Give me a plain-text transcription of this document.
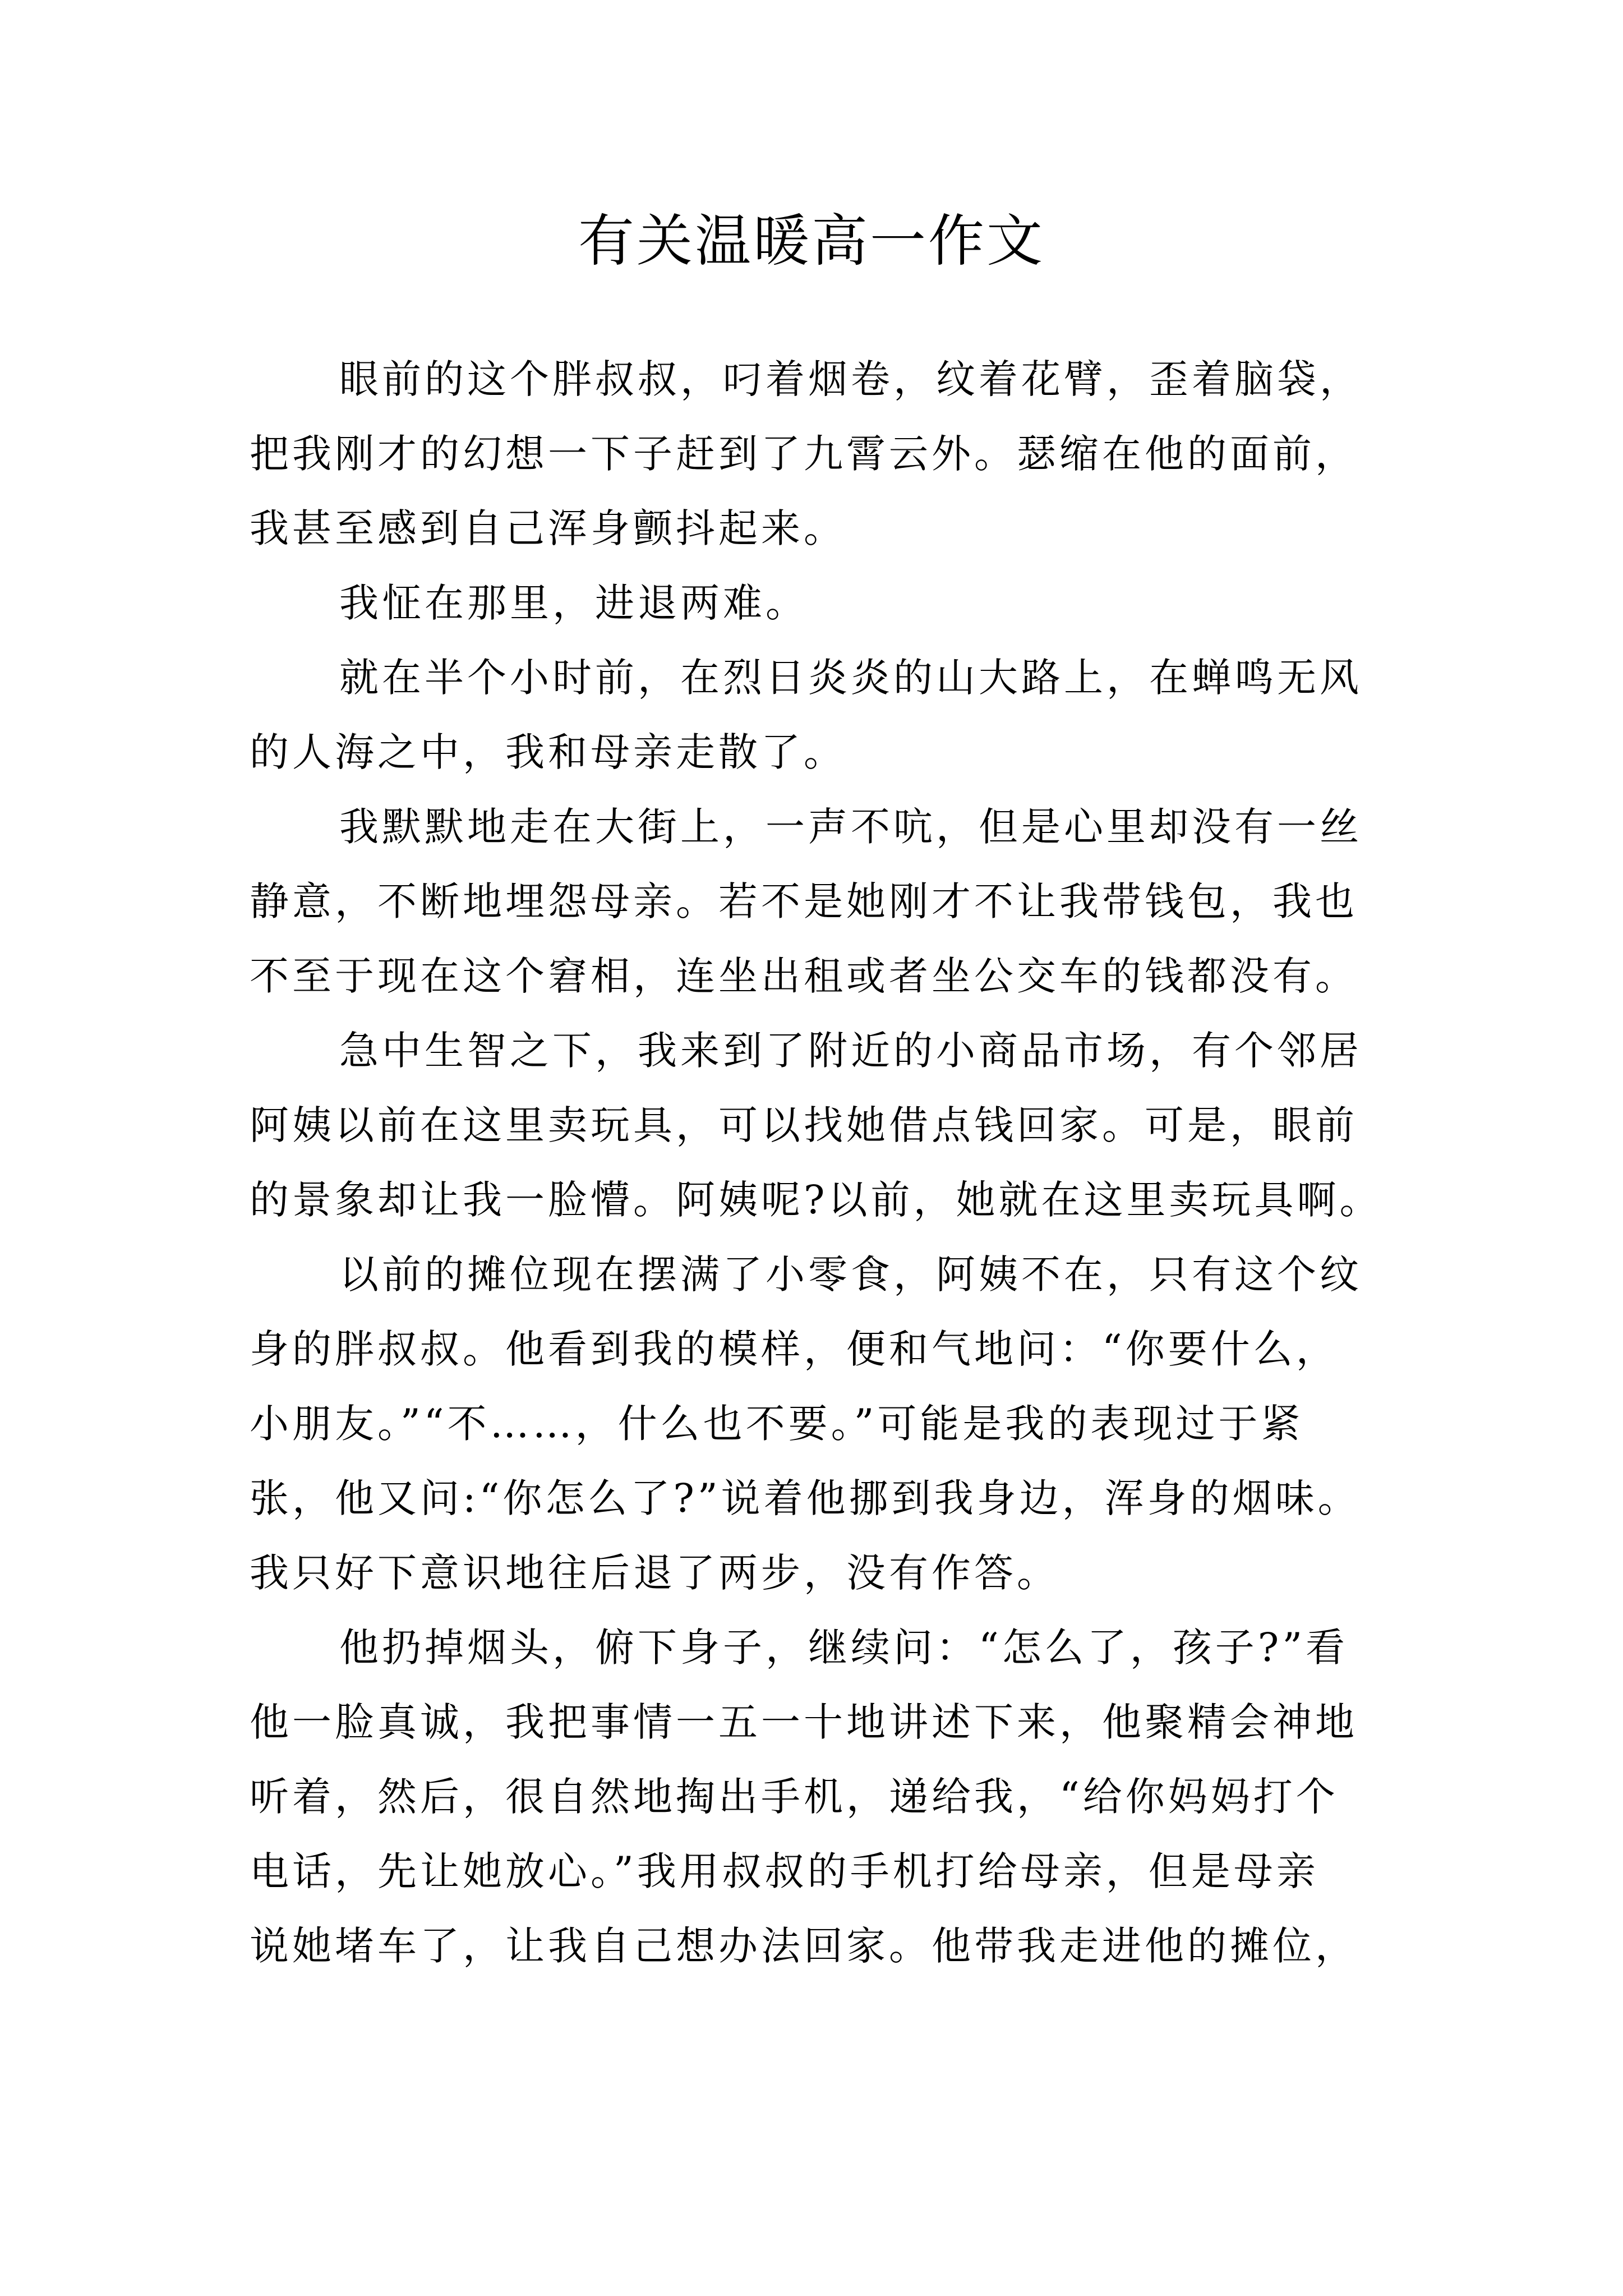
有关温暖高一作文
眼前的这个胖叔叔，叼着烟卷，纹着花臂，歪着脑袋，
把我刚才的幻想一下子赶到了九霄云外。瑟缩在他的面前，
我甚至感到自己浑身颤抖起来。
我怔在那里，进退两难。
就在半个小时前，在烈日炎炎的山大路上，在蝉鸣无风
的人海之中，我和母亲走散了。
我默默地走在大街上，一声不吭，但是心里却没有一丝
静意，不断地埋怨母亲。若不是她刚才不让我带钱包，我也
不至于现在这个窘相，连坐出租或者坐公交车的钱都没有。
急中生智之下，我来到了附近的小商品市场，有个邻居
阿姨以前在这里卖玩具，可以找她借点钱回家。可是，眼前
的景象却让我一脸懵。阿姨呢?以前，她就在这里卖玩具啊。
以前的摊位现在摆满了小零食，阿姨不在，只有这个纹
身的胖叔叔。他看到我的模样，便和气地问：“你要什么，
小朋友。”“不……，什么也不要。”可能是我的表现过于紧
张，他又问:“你怎么了?”说着他挪到我身边，浑身的烟味。
我只好下意识地往后退了两步，没有作答。
他扔掉烟头，俯下身子，继续问：“怎么了，孩子?”看
他一脸真诚，我把事情一五一十地讲述下来，他聚精会神地
听着，然后，很自然地掏出手机，递给我，“给你妈妈打个
电话，先让她放心。”我用叔叔的手机打给母亲，但是母亲
说她堵车了，让我自己想办法回家。他带我走进他的摊位，
